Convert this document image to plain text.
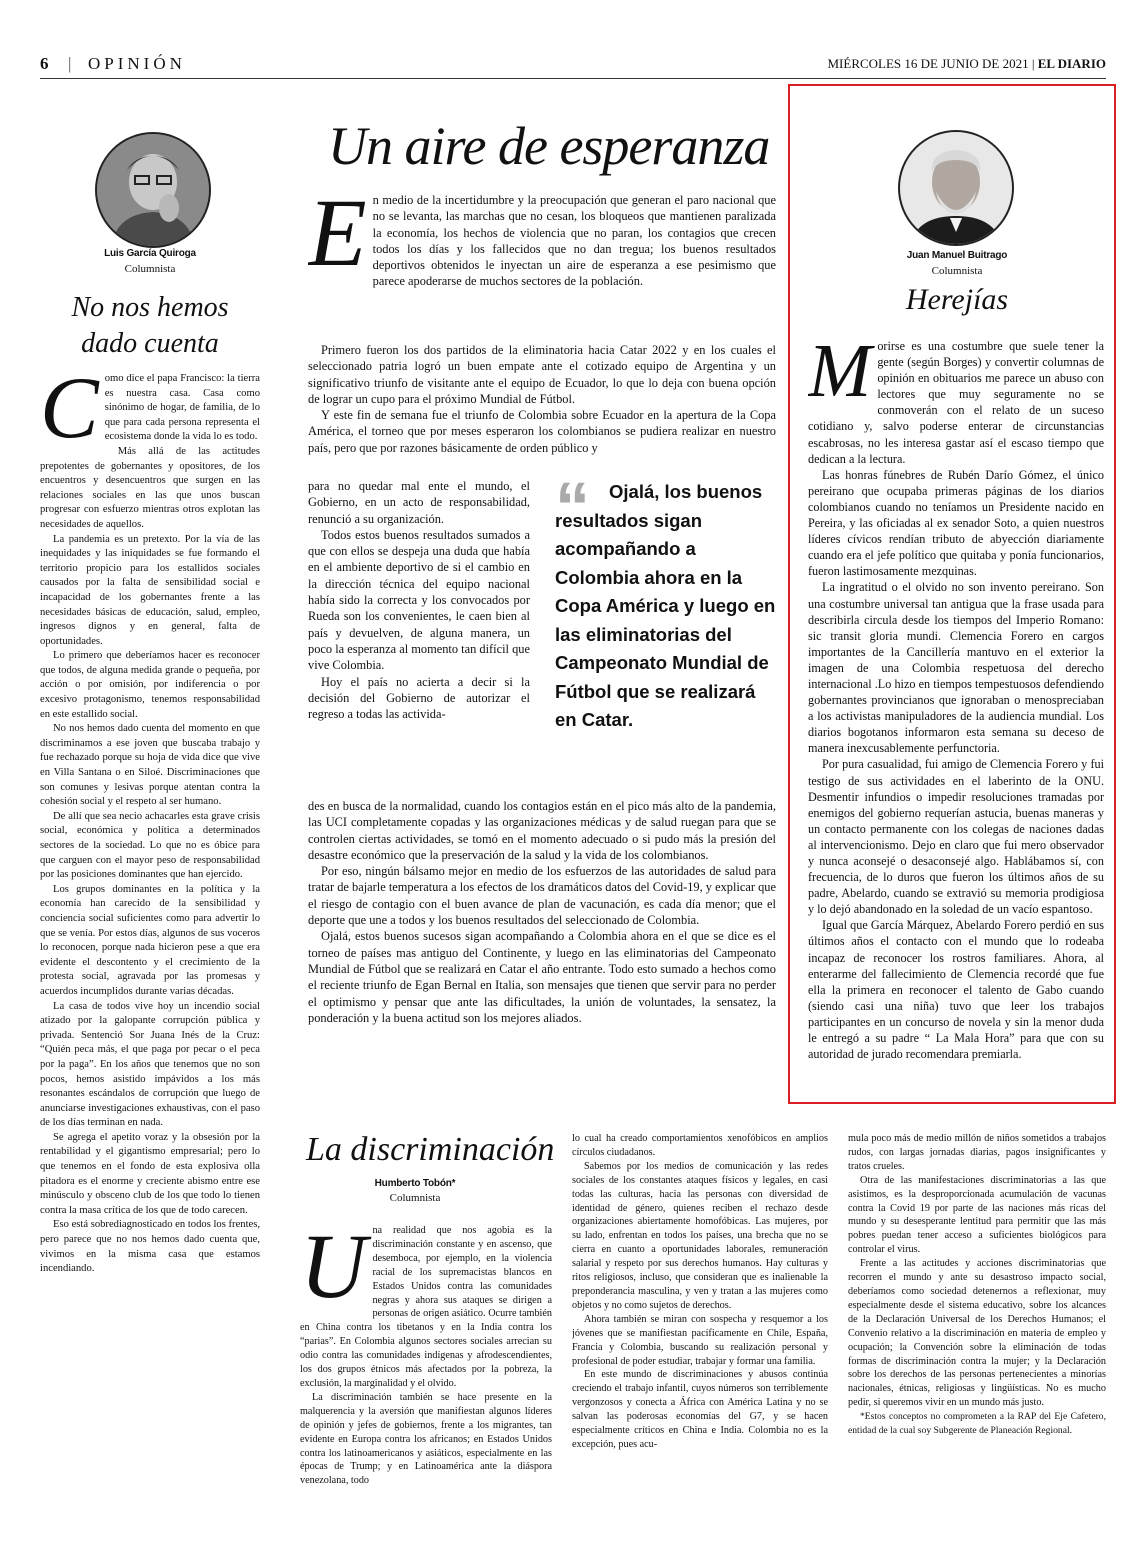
6 | OPINIÓN	MIÉRCOLES 16 DE JUNIO DE 2021 | EL DIARIO
Luis García Quiroga
Columnista
No nos hemos
dado cuenta

Como dice el papa Francisco: la tierra es nuestra casa. Casa como sinónimo de hogar, de familia, de lo que para cada persona representa el ecosistema donde la vida lo es todo.

Más allá de las actitudes prepotentes de gobernantes y opositores, de los encuentros y desencuentros que surgen en las relaciones sociales en las que unos buscan progresar con esfuerzo mientras otros explotan las necesidades de aquellos.

La pandemia es un pretexto. Por la vía de las inequidades y las iniquidades se fue formando el territorio propicio para los estallidos sociales causados por la falta de sensibilidad social e incapacidad de los gobernantes frente a las necesidades básicas de educación, salud, empleo, ingresos dignos y en general, falta de oportunidades.

Lo primero que deberíamos hacer es reconocer que todos, de alguna medida grande o pequeña, por acción o por omisión, por indiferencia o por excesivo protagonismo, tenemos responsabilidad en este estallido social.

No nos hemos dado cuenta del momento en que discriminamos a ese joven que buscaba trabajo y fue rechazado porque su hoja de vida dice que vive en Villa Santana o en Siloé. Discriminaciones que son comunes y lesivas porque atentan contra la cohesión social y el respeto al ser humano.

De allí que sea necio achacarles esta grave crisis social, económica y política a determinados sectores de la sociedad. Lo que no es óbice para que carguen con el mayor peso de responsabilidad por las posiciones dominantes que han ejercido.

Los grupos dominantes en la política y la economía han carecido de la sensibilidad y conciencia social suficientes como para advertir lo que se venía. Por estos días, algunos de sus voceros lo reconocen, porque nada hicieron pese a que era evidente el descontento y el crecimiento de la protesta social, agravada por las promesas y acuerdos incumplidos durante varias décadas.

La casa de todos vive hoy un incendio social atizado por la galopante corrupción pública y privada. Sentenció Sor Juana Inés de la Cruz: “Quién peca más, el que paga por pecar o el peca por la paga”. En los años que tenemos que no son pocos, hemos asistido impávidos a los más resonantes escándalos de corrupción que luego de anunciarse investigaciones exhaustivas, con el paso de los días terminan en nada.

Se agrega el apetito voraz y la obsesión por la rentabilidad y el gigantismo empresarial; pero lo que tenemos en el fondo de esta explosiva olla pitadora es el enorme y creciente abismo entre ese minúsculo y obsceno club de los que todo lo tienen contra la masa crítica de los que de todo carecen.

Eso está sobrediagnosticado en todos los frentes, pero parece que no nos hemos dado cuenta que, vivimos en la misma casa que estamos incendiando.

Un aire de esperanza

En medio de la incertidumbre y la preocupación que generan el paro nacional que no se levanta, las marchas que no cesan, los bloqueos que mantienen paralizada la economía, los hechos de violencia que no paran, los contagios que crecen todos los días y los fallecidos que no dan tregua; los buenos resultados deportivos obtenidos le inyectan un aire de esperanza a ese pesimismo que parece apoderarse de muchos sectores de la población.

Primero fueron los dos partidos de la eliminatoria hacia Catar 2022 y en los cuales el seleccionado patria logró un buen empate ante el cotizado equipo de Argentina y un significativo triunfo de visitante ante el equipo de Ecuador, lo que lo deja con buena opción de lograr un cupo para el próximo Mundial de Fútbol.

Y este fin de semana fue el triunfo de Colombia sobre Ecuador en la apertura de la Copa América, el torneo que por meses esperaron los colombianos se pudiera realizar en nuestro país, pero que por razones básicamente de orden público y

para no quedar mal ente el mundo, el Gobierno, en un acto de responsabilidad, renunció a su organización.

Todos estos buenos resultados sumados a que con ellos se despeja una duda que había en el ambiente deportivo de si el cambio en la dirección técnica del equipo nacional había sido la correcta y los convocados por Rueda son los convenientes, le caen bien al país y devuelven, de alguna manera, un poco la esperanza al momento tan difícil que vive Colombia.

Hoy el país no acierta a decir si la decisión del Gobierno de autorizar el regreso a todas las activida-

“	Ojalá, los buenos resultados sigan acompañando a Colombia ahora en la Copa América y luego en las eliminatorias del Campeonato Mundial de Fútbol que se realizará en Catar.

des en busca de la normalidad, cuando los contagios están en el pico más alto de la pandemia, las UCI completamente copadas y las organizaciones médicas y de salud ruegan para que se controlen ciertas actividades, se tomó en el momento adecuado o si pudo más la presión del desastre económico que la preservación de la salud y la vida de los colombianos.

Por eso, ningún bálsamo mejor en medio de los esfuerzos de las autoridades de salud para tratar de bajarle temperatura a los efectos de los dramáticos datos del Covid-19, y explicar que el riesgo de contagio con el buen avance de plan de vacunación, es cada día menor; que el deporte que une a todos y los buenos resultados del seleccionado de Colombia.

Ojalá, estos buenos sucesos sigan acompañando a Colombia ahora en el que se dice es el torneo de países mas antiguo del Continente, y luego en las eliminatorias del Campeonato Mundial de Fútbol que se realizará en Catar el año entrante. Todo esto sumado a hechos como el reciente triunfo de Egan Bernal en Italia, son mensajes que tienen que servir para no perder el optimismo y pensar que ante las dificultades, la unión de voluntades, la sensatez, la ponderación y la buena actitud son los mejores aliados.

Juan Manuel Buitrago
Columnista
Herejías

Morirse es una costumbre que suele tener la gente (según Borges) y convertir columnas de opinión en obituarios me parece un abuso con lectores que muy seguramente no se conmoverán con el relato de un suceso cotidiano y, salvo poderse enterar de circunstancias escabrosas, no les interesa gastar así el escaso tiempo que dedican a la lectura.

Las honras fúnebres de Rubén Darío Gómez, el único pereirano que ocupaba primeras páginas de los diarios colombianos cuando no teníamos un Presidente nacido en Pereira, y las oficiadas al ex senador Soto, a quien nuestros líderes cívicos rendían tributo de abyección diariamente cuando era el jefe político que quitaba y ponía funcionarios, fueron lastimosamente mezquinas.

La ingratitud o el olvido no son invento pereirano. Son una costumbre universal tan antigua que la frase usada para describirla circula desde los tiempos del Imperio Romano: sic transit gloria mundi. Clemencia Forero en cargos importantes de la Cancillería mantuvo en el exterior la imagen de una Colombia respetuosa del derecho internacional .Lo hizo en tiempos tempestuosos defendiendo gobernantes provincianos que ignoraban o menospreciaban a los activistas manipuladores de la audiencia mundial. Los diarios bogotanos informaron esta semana su deceso de manera inexcusablemente perfunctoria.

Por pura casualidad, fui amigo de Clemencia Forero y fui testigo de sus actividades en el laberinto de la ONU. Desmentir infundios o impedir resoluciones tramadas por enemigos del gobierno requerían astucia, buenas maneras y un contacto permanente con los colegas de naciones dadas al intervencionismo. Dejo en claro que fui mero observador y nunca aconsejé o desaconsejé algo. Hablábamos sí, con frecuencia, de lo duros que fueron los últimos años de su padre, Abelardo, cuando se extravió su memoria prodigiosa y lo dejó abandonado en la soledad de un vacío espantoso.

Igual que García Márquez, Abelardo Forero perdió en sus últimos años el contacto con el mundo que lo rodeaba incapaz de reconocer los rostros familiares. Ahora, al enterarme del fallecimiento de Clemencia recordé que fue ella la primera en reconocer el talento de Gabo cuando (siendo casi una niña) tuvo que leer los trabajos participantes en un concurso de novela y sin la menor duda le entregó a su padre “ La Mala Hora” para que con su autoridad de jurado recomendara premiarla.

La discriminación
Humberto Tobón*
Columnista

Una realidad que nos agobia es la discriminación constante y en ascenso, que desemboca, por ejemplo, en la violencia racial de los supremacistas blancos en Estados Unidos contra las comunidades negras y ahora sus ataques se dirigen a personas de origen asiático. Ocurre también en China contra los tibetanos y en la India contra los “parias”. En Colombia algunos sectores sociales arrecian su odio contra las comunidades indígenas y afrodescendientes, los dos grupos étnicos más afectados por la pobreza, la exclusión, la marginalidad y el olvido.

La discriminación también se hace presente en la malquerencia y la aversión que manifiestan algunos líderes de opinión y jefes de gobiernos, frente a los migrantes, tan evidente en Europa contra los africanos; en Estados Unidos contra los latinoamericanos y asiáticos, especialmente en las épocas de Trump; y en Latinoamérica ante la diáspora venezolana, todo

lo cual ha creado comportamientos xenofóbicos en amplios círculos ciudadanos.

Sabemos por los medios de comunicación y las redes sociales de los constantes ataques físicos y legales, en casi todas las culturas, hacia las personas con diversidad de identidad de género, quienes reciben el rechazo desde organizaciones abiertamente homofóbicas. Las mujeres, por su lado, enfrentan en todos los países, una brecha que no se cierra en cuanto a oportunidades laborales, remuneración salarial y respeto por sus derechos humanos. Hay culturas y ritos religiosos, incluso, que consideran que es inalienable la preponderancia masculina, y ven y tratan a las mujeres como objetos y no como sujetos de derechos.

Ahora también se miran con sospecha y resquemor a los jóvenes que se manifiestan pacíficamente en Chile, España, Francia y Colombia, buscando su realización personal y profesional de poder estudiar, trabajar y formar una familia.

En este mundo de discriminaciones y abusos continúa creciendo el trabajo infantil, cuyos números son terriblemente vergonzosos y conecta a África con América Latina y no se salvan las poderosas economías del G7, y se hacen especialmente críticos en China e India. Colombia no es la excepción, pues acu-

mula poco más de medio millón de niños sometidos a trabajos rudos, con largas jornadas diarias, pagos insignificantes y tratos crueles.

Otra de las manifestaciones discriminatorias a las que asistimos, es la desproporcionada acumulación de vacunas contra la Covid 19 por parte de las naciones más ricas del mundo y su desesperante lentitud para permitir que las más pobres puedan tener acceso a suficientes biológicos para controlar el virus.

Frente a las actitudes y acciones discriminatorias que recorren el mundo y ante su desastroso impacto social, deberíamos como sociedad detenernos a reflexionar, muy especialmente desde el sistema educativo, sobre los alcances de la Declaración Universal de los Derechos Humanos; el Convenio relativo a la discriminación en materia de empleo y ocupación; la Convención sobre la eliminación de todas formas de discriminación contra la mujer; y la Declaración sobre los derechos de las personas pertenecientes a minorías nacionales, étnicas, religiosas y lingüísticas. No es mucho pedir, si queremos vivir en un mundo más justo.

*Estos conceptos no comprometen a la RAP del Eje Cafetero, entidad de la cual soy Subgerente de Planeación Regional.
